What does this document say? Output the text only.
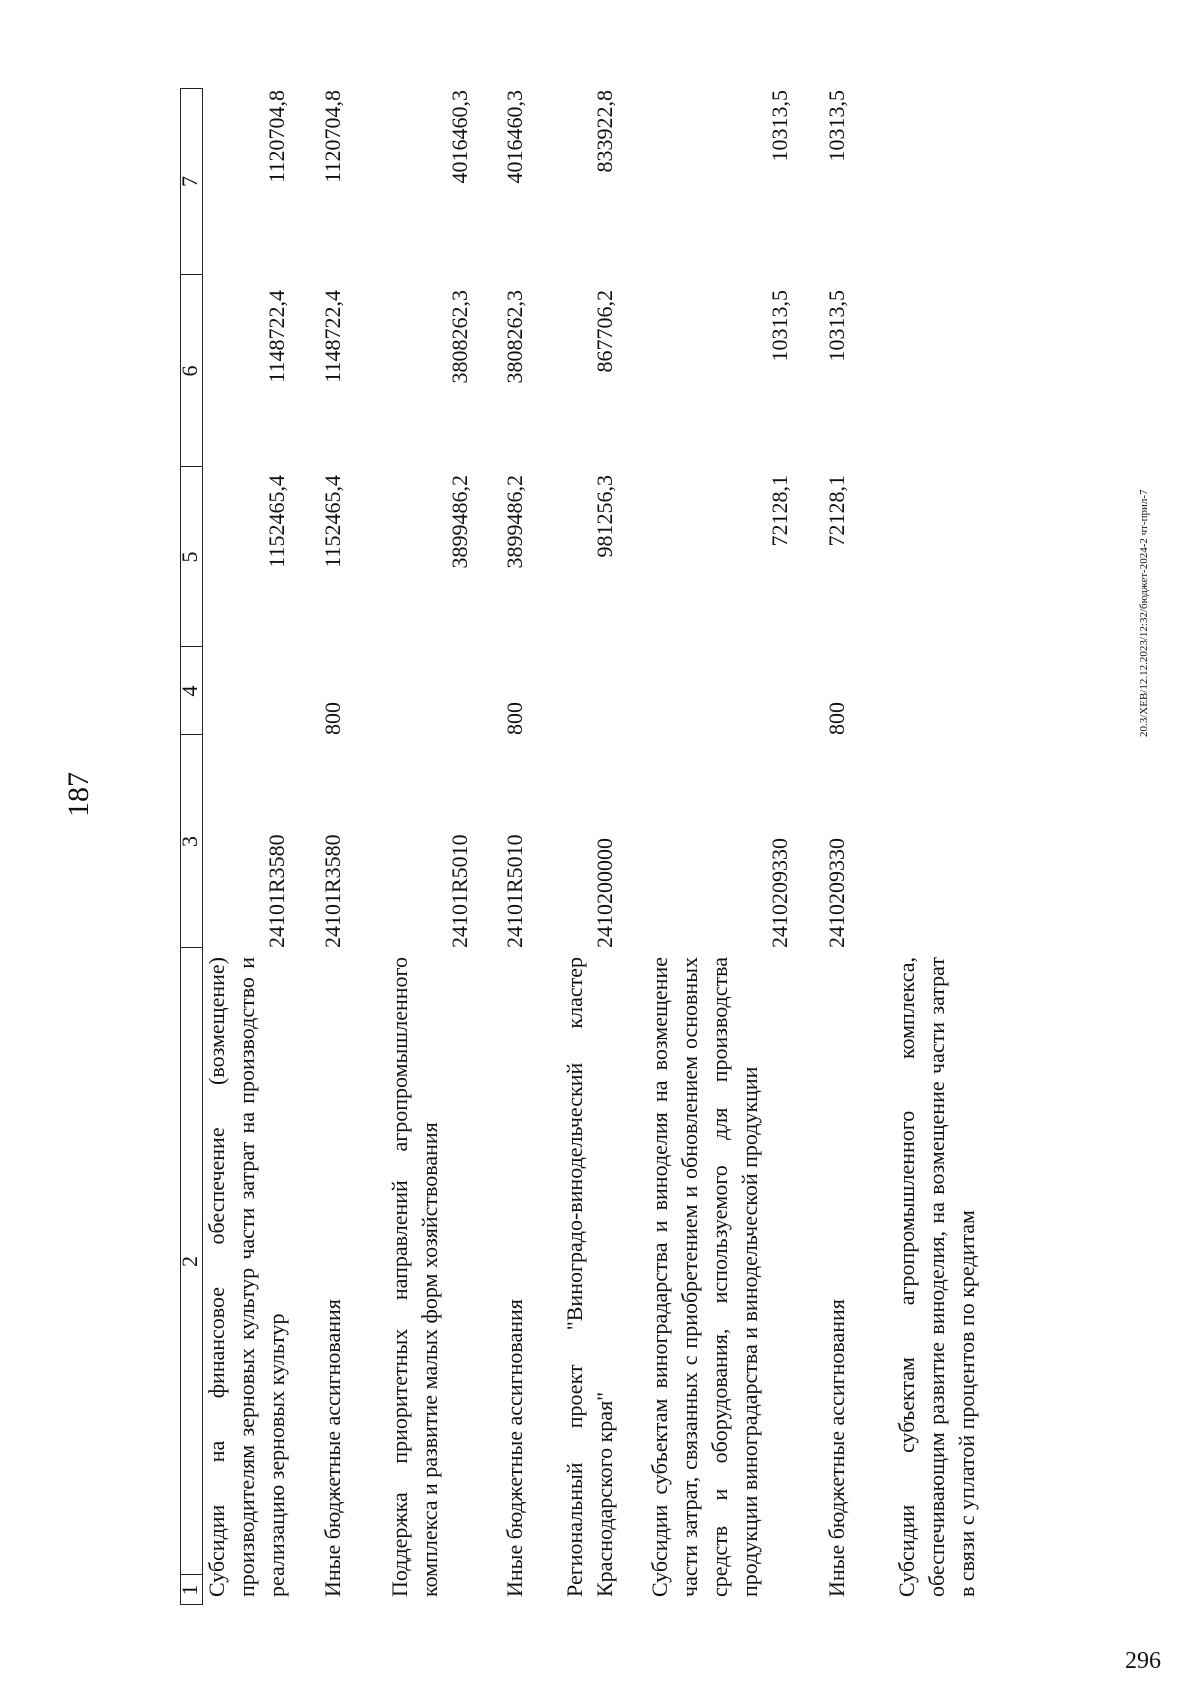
296
187
1
2
3
4
5
6
7
Субсидии на финансовое обеспечение (возмещение) производителям зерновых культур части затрат на производство и реализацию зерновых культур
24101R3580
1152465,4
1148722,4
1120704,8
Иные бюджетные ассигнования
24101R3580
800
1152465,4
1148722,4
1120704,8
Поддержка приоритетных направлений агропромышленного комплекса и развитие малых форм хозяйствования
24101R5010
3899486,2
3808262,3
4016460,3
Иные бюджетные ассигнования
24101R5010
800
3899486,2
3808262,3
4016460,3
Региональный проект "Виноградо-винодельческий кластер Краснодарского края"
2410200000
981256,3
867706,2
833922,8
Субсидии субъектам виноградарства и виноделия на возмещение части затрат, связанных с приобретением и обновлением основных средств и оборудования, используемого для производства продукции виноградарства и винодельческой продукции
2410209330
72128,1
10313,5
10313,5
Иные бюджетные ассигнования
2410209330
800
72128,1
10313,5
10313,5
Субсидии субъектам агропромышленного комплекса, обеспечивающим развитие виноделия, на возмещение части затрат в связи с уплатой процентов по кредитам
20.3/ХЕВ/12.12.2023/12:32/бюджет-2024-2 чт-прил-7
